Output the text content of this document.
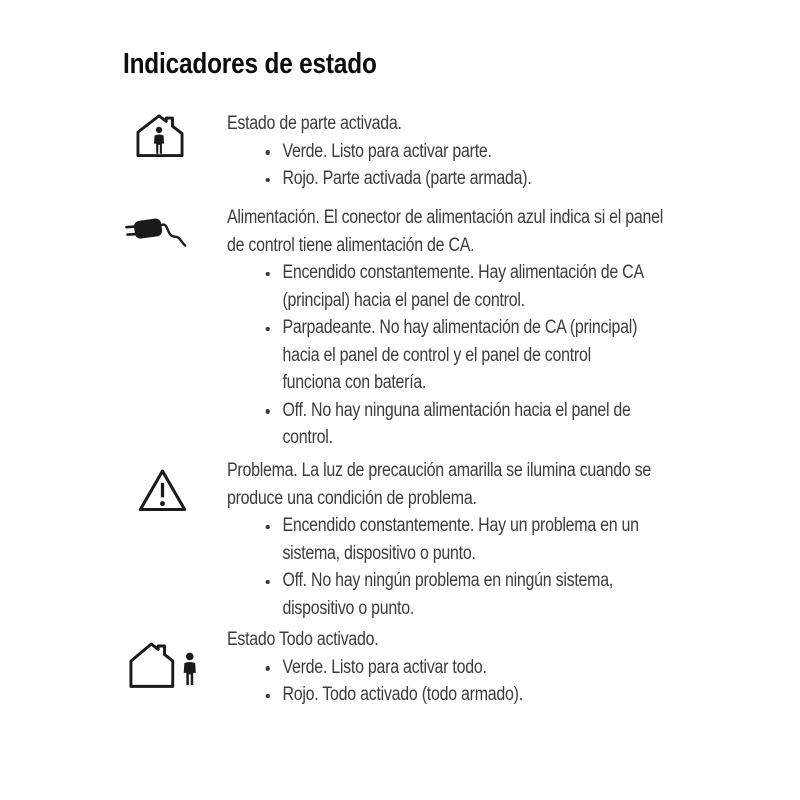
Indicadores de estado

Estado de parte activada.

Verde. Listo para activar parte.
Rojo. Parte activada (parte armada).

Alimentación. El conector de alimentación azul indica si el panel de control tiene alimentación de CA.

Encendido constantemente. Hay alimentación de CA (principal) hacia el panel de control.
Parpadeante. No hay alimentación de CA (principal) hacia el panel de control y el panel de control funciona con batería.
Off. No hay ninguna alimentación hacia el panel de control.

Problema. La luz de precaución amarilla se ilumina cuando se produce una condición de problema.

Encendido constantemente. Hay un problema en un sistema, dispositivo o punto.
Off. No hay ningún problema en ningún sistema, dispositivo o punto.

Estado Todo activado.

Verde. Listo para activar todo.
Rojo. Todo activado (todo armado).
